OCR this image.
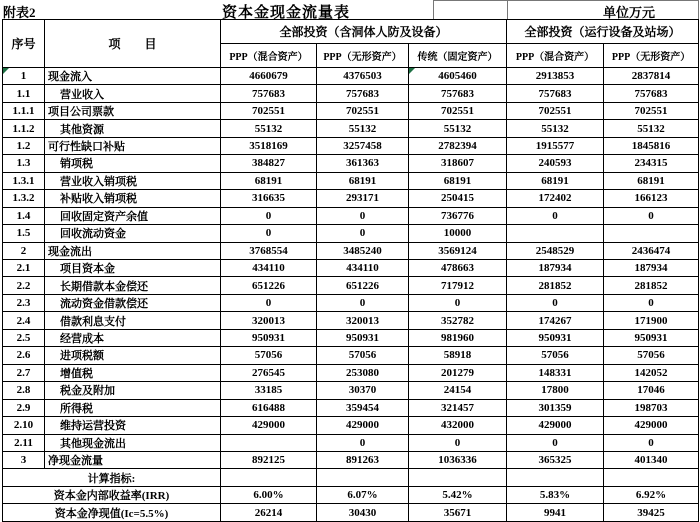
附表2	资本金现金流量表	单位万元
序号	项　　目	全部投资（含洞体人防及设备）			全部投资（运行设备及站场）	
		PPP（混合资产）	PPP（无形资产）	传统（固定资产）	PPP（混合资产）	PPP（无形资产）
1	现金流入	4660679	4376503	4605460	2913853	2837814
1.1	营业收入	757683	757683	757683	757683	757683
1.1.1	项目公司票款	702551	702551	702551	702551	702551
1.1.2	其他资源	55132	55132	55132	55132	55132
1.2	可行性缺口补贴	3518169	3257458	2782394	1915577	1845816
1.3	销项税	384827	361363	318607	240593	234315
1.3.1	营业收入销项税	68191	68191	68191	68191	68191
1.3.2	补贴收入销项税	316635	293171	250415	172402	166123
1.4	回收固定资产余值	0	0	736776	0	0
1.5	回收流动资金	0	0	10000		
2	现金流出	3768554	3485240	3569124	2548529	2436474
2.1	项目资本金	434110	434110	478663	187934	187934
2.2	长期借款本金偿还	651226	651226	717912	281852	281852
2.3	流动资金借款偿还	0	0	0	0	0
2.4	借款利息支付	320013	320013	352782	174267	171900
2.5	经营成本	950931	950931	981960	950931	950931
2.6	进项税额	57056	57056	58918	57056	57056
2.7	增值税	276545	253080	201279	148331	142052
2.8	税金及附加	33185	30370	24154	17800	17046
2.9	所得税	616488	359454	321457	301359	198703
2.10	维持运营投资	429000	429000	432000	429000	429000
2.11	其他现金流出		0	0	0	0
3	净现金流量	892125	891263	1036336	365325	401340
计算指标:						
资本金内部收益率(IRR)		6.00%	6.07%	5.42%	5.83%	6.92%
资本金净现值(Ic=5.5%)		26214	30430	35671	9941	39425
